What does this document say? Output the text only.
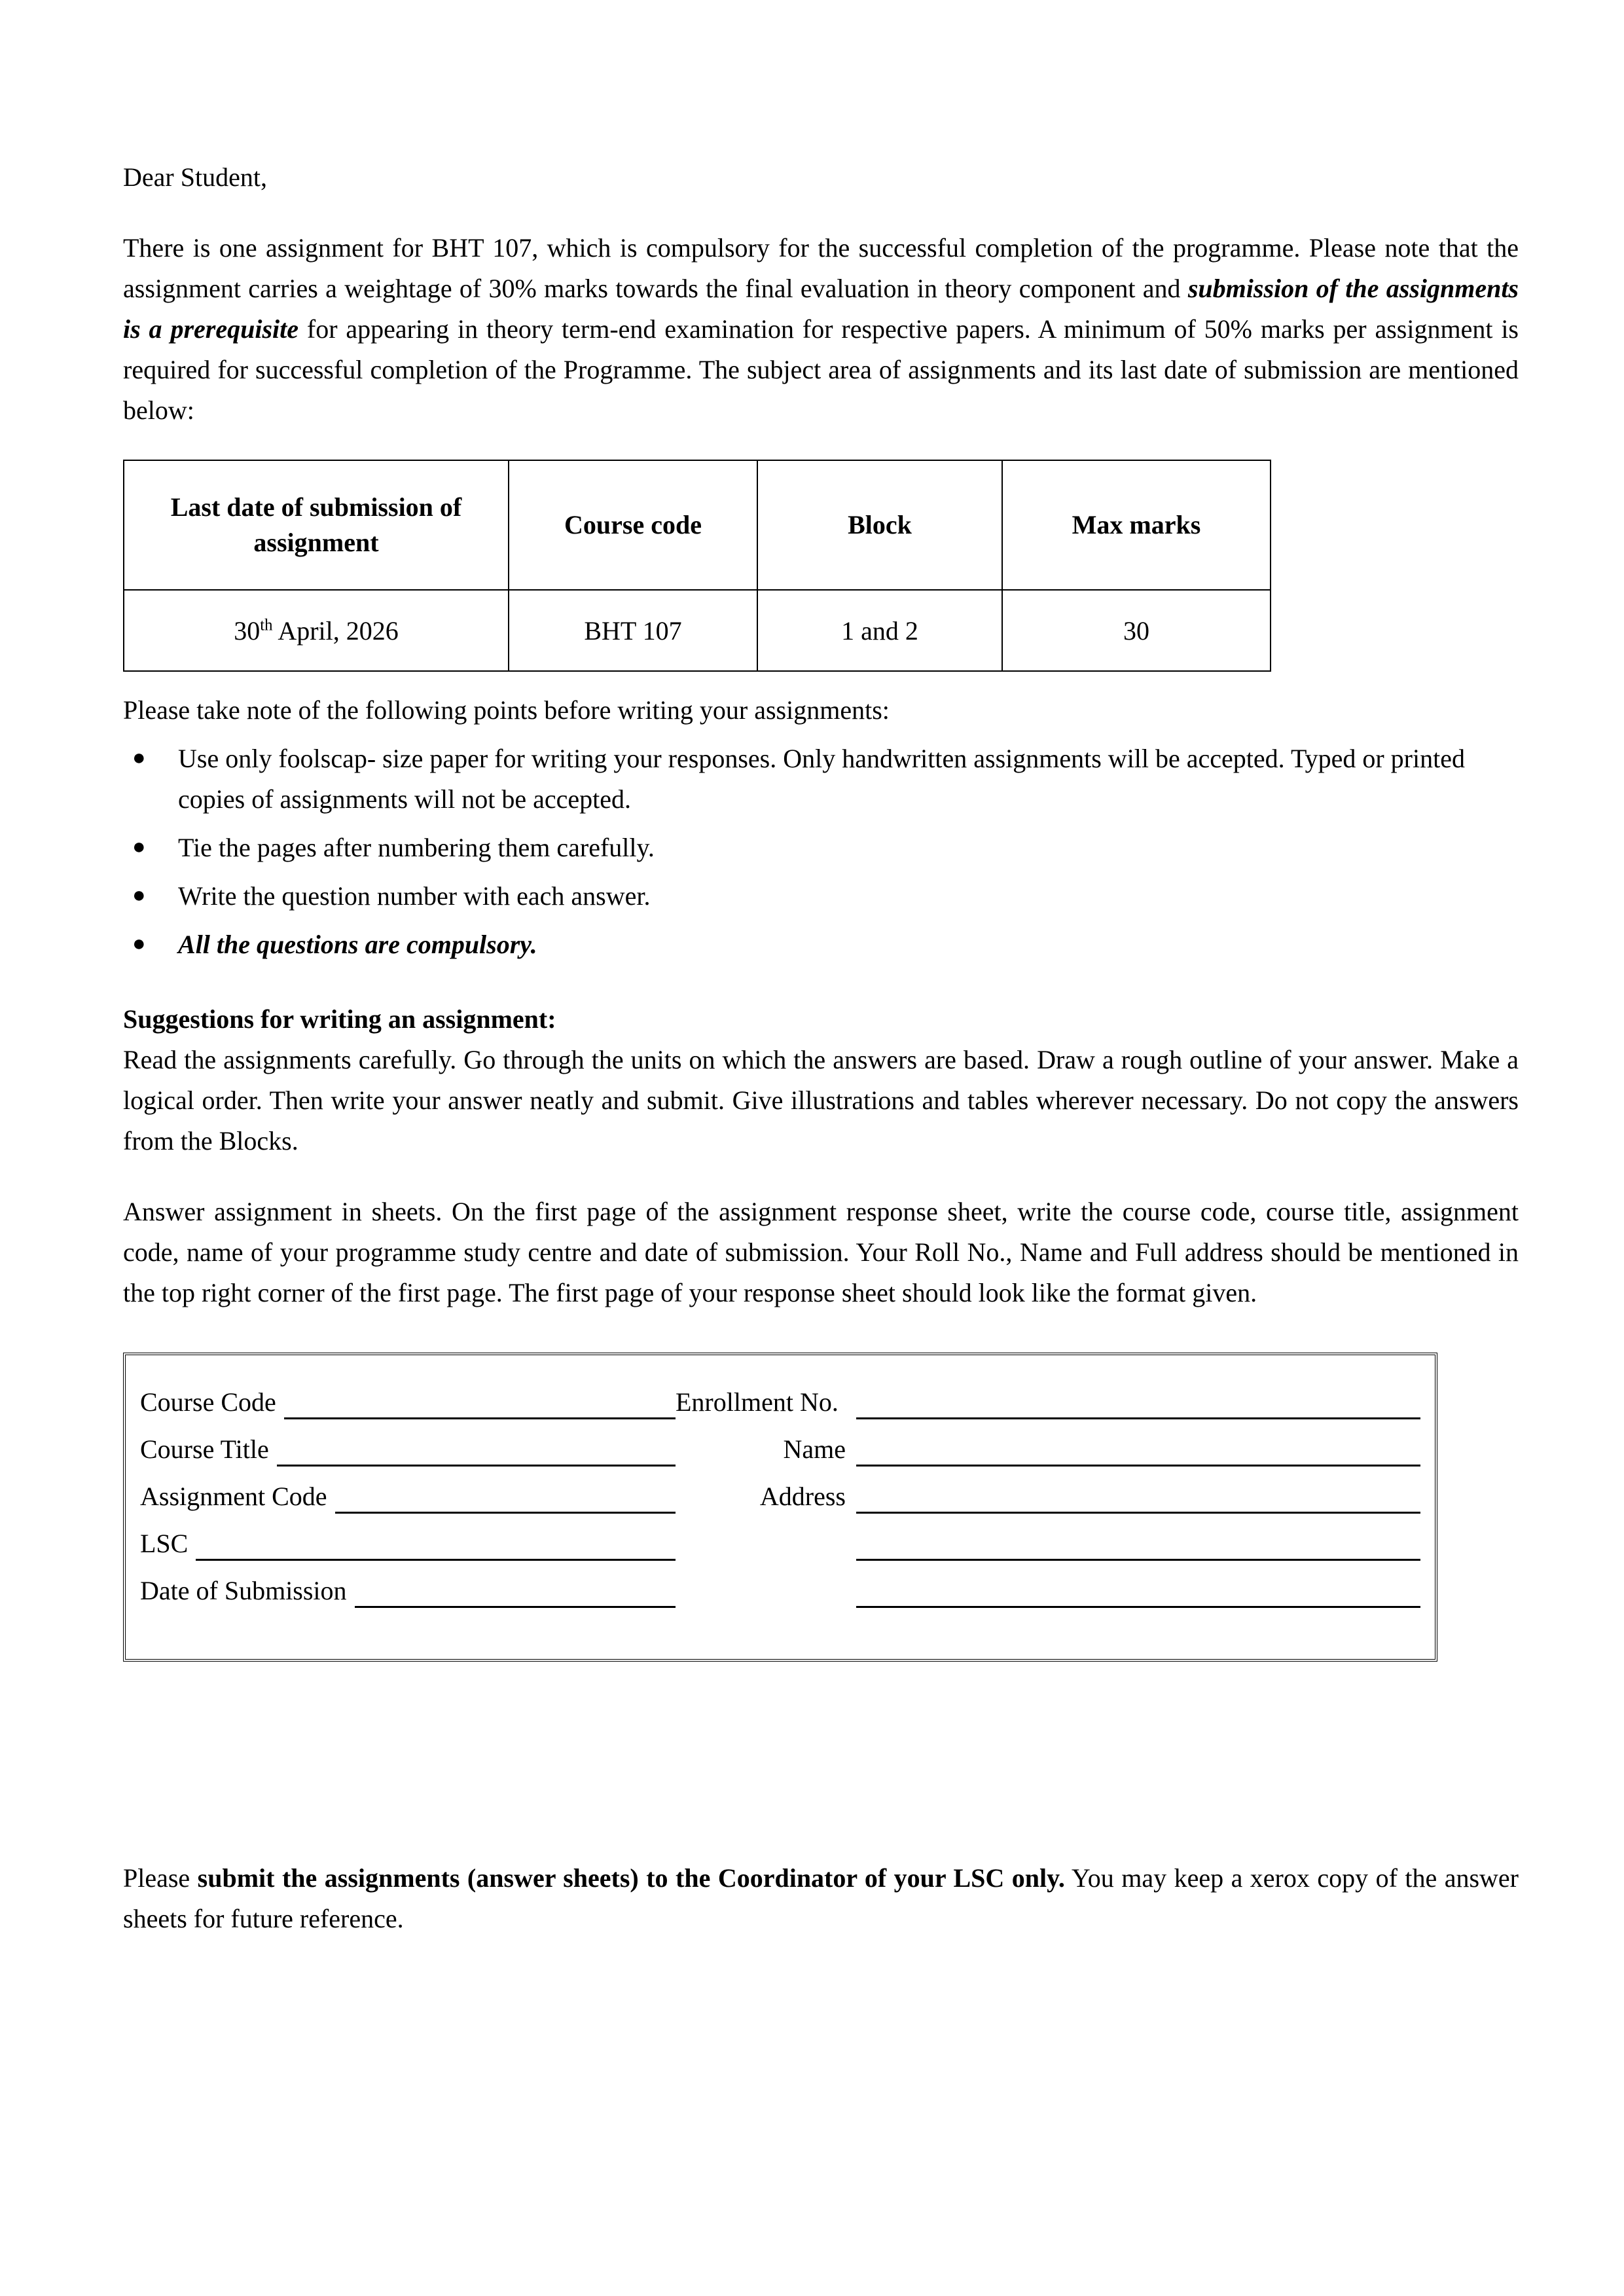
Dear Student,

There is one assignment for BHT 107, which is compulsory for the successful completion of the programme. Please note that the assignment carries a weightage of 30% marks towards the final evaluation in theory component and submission of the assignments is a prerequisite for appearing in theory term-end examination for respective papers. A minimum of 50% marks per assignment is required for successful completion of the Programme. The subject area of assignments and its last date of submission are mentioned below:

Last date of submission of assignment	Course code	Block	Max marks
30th April, 2026	BHT 107	1 and 2	30

Please take note of the following points before writing your assignments:

● Use only foolscap- size paper for writing your responses. Only handwritten assignments will be accepted. Typed or printed copies of assignments will not be accepted.
● Tie the pages after numbering them carefully.
● Write the question number with each answer.
● All the questions are compulsory.

Suggestions for writing an assignment:

Read the assignments carefully. Go through the units on which the answers are based. Draw a rough outline of your answer. Make a logical order. Then write your answer neatly and submit. Give illustrations and tables wherever necessary. Do not copy the answers from the Blocks.

Answer assignment in sheets. On the first page of the assignment response sheet, write the course code, course title, assignment code, name of your programme study centre and date of submission. Your Roll No., Name and Full address should be mentioned in the top right corner of the first page. The first page of your response sheet should look like the format given.

Course Code	Enrollment No.
Course Title	Name
Assignment Code	Address
LSC
Date of Submission

Please submit the assignments (answer sheets) to the Coordinator of your LSC only. You may keep a xerox copy of the answer sheets for future reference.
